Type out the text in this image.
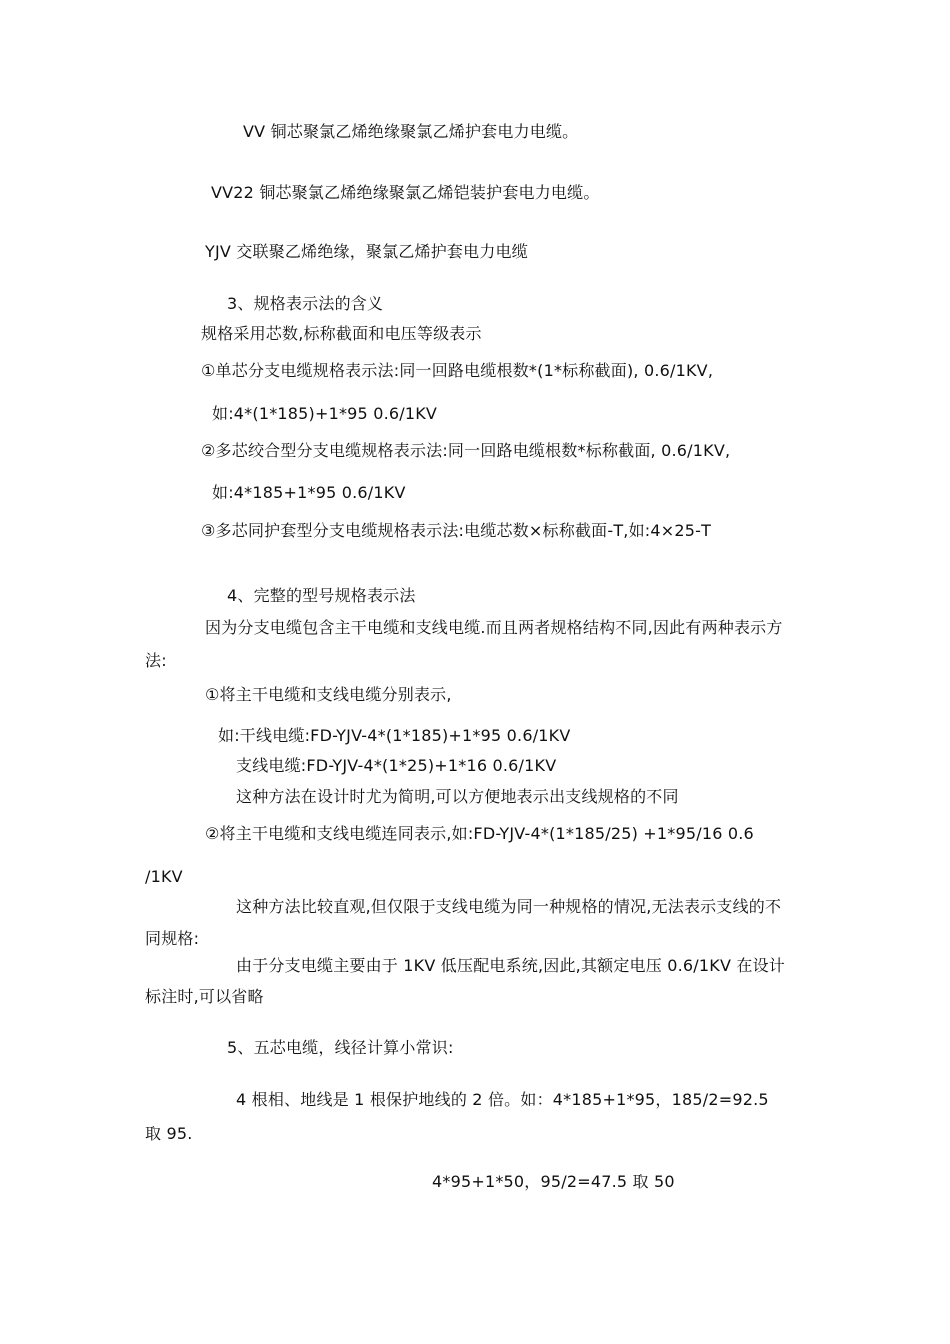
VV 铜芯聚氯乙烯绝缘聚氯乙烯护套电力电缆。
VV22 铜芯聚氯乙烯绝缘聚氯乙烯铠装护套电力电缆。
YJV 交联聚乙烯绝缘，聚氯乙烯护套电力电缆
3、规格表示法的含义
规格采用芯数,标称截面和电压等级表示
①单芯分支电缆规格表示法:同一回路电缆根数*(1*标称截面), 0.6/1KV,
如:4*(1*185)+1*95 0.6/1KV
②多芯绞合型分支电缆规格表示法:同一回路电缆根数*标称截面, 0.6/1KV,
如:4*185+1*95 0.6/1KV
③多芯同护套型分支电缆规格表示法:电缆芯数×标称截面-T,如:4×25-T
4、完整的型号规格表示法
因为分支电缆包含主干电缆和支线电缆.而且两者规格结构不同,因此有两种表示方
法:
①将主干电缆和支线电缆分别表示,
如:干线电缆:FD-YJV-4*(1*185)+1*95 0.6/1KV
支线电缆:FD-YJV-4*(1*25)+1*16 0.6/1KV
这种方法在设计时尤为简明,可以方便地表示出支线规格的不同
②将主干电缆和支线电缆连同表示,如:FD-YJV-4*(1*185/25) +1*95/16 0.6
/1KV
这种方法比较直观,但仅限于支线电缆为同一种规格的情况,无法表示支线的不
同规格:
由于分支电缆主要由于 1KV 低压配电系统,因此,其额定电压 0.6/1KV 在设计
标注时,可以省略
5、五芯电缆，线径计算小常识:
4 根相、地线是 1 根保护地线的 2 倍。如：4*185+1*95，185/2=92.5
取 95.
4*95+1*50，95/2=47.5 取 50
